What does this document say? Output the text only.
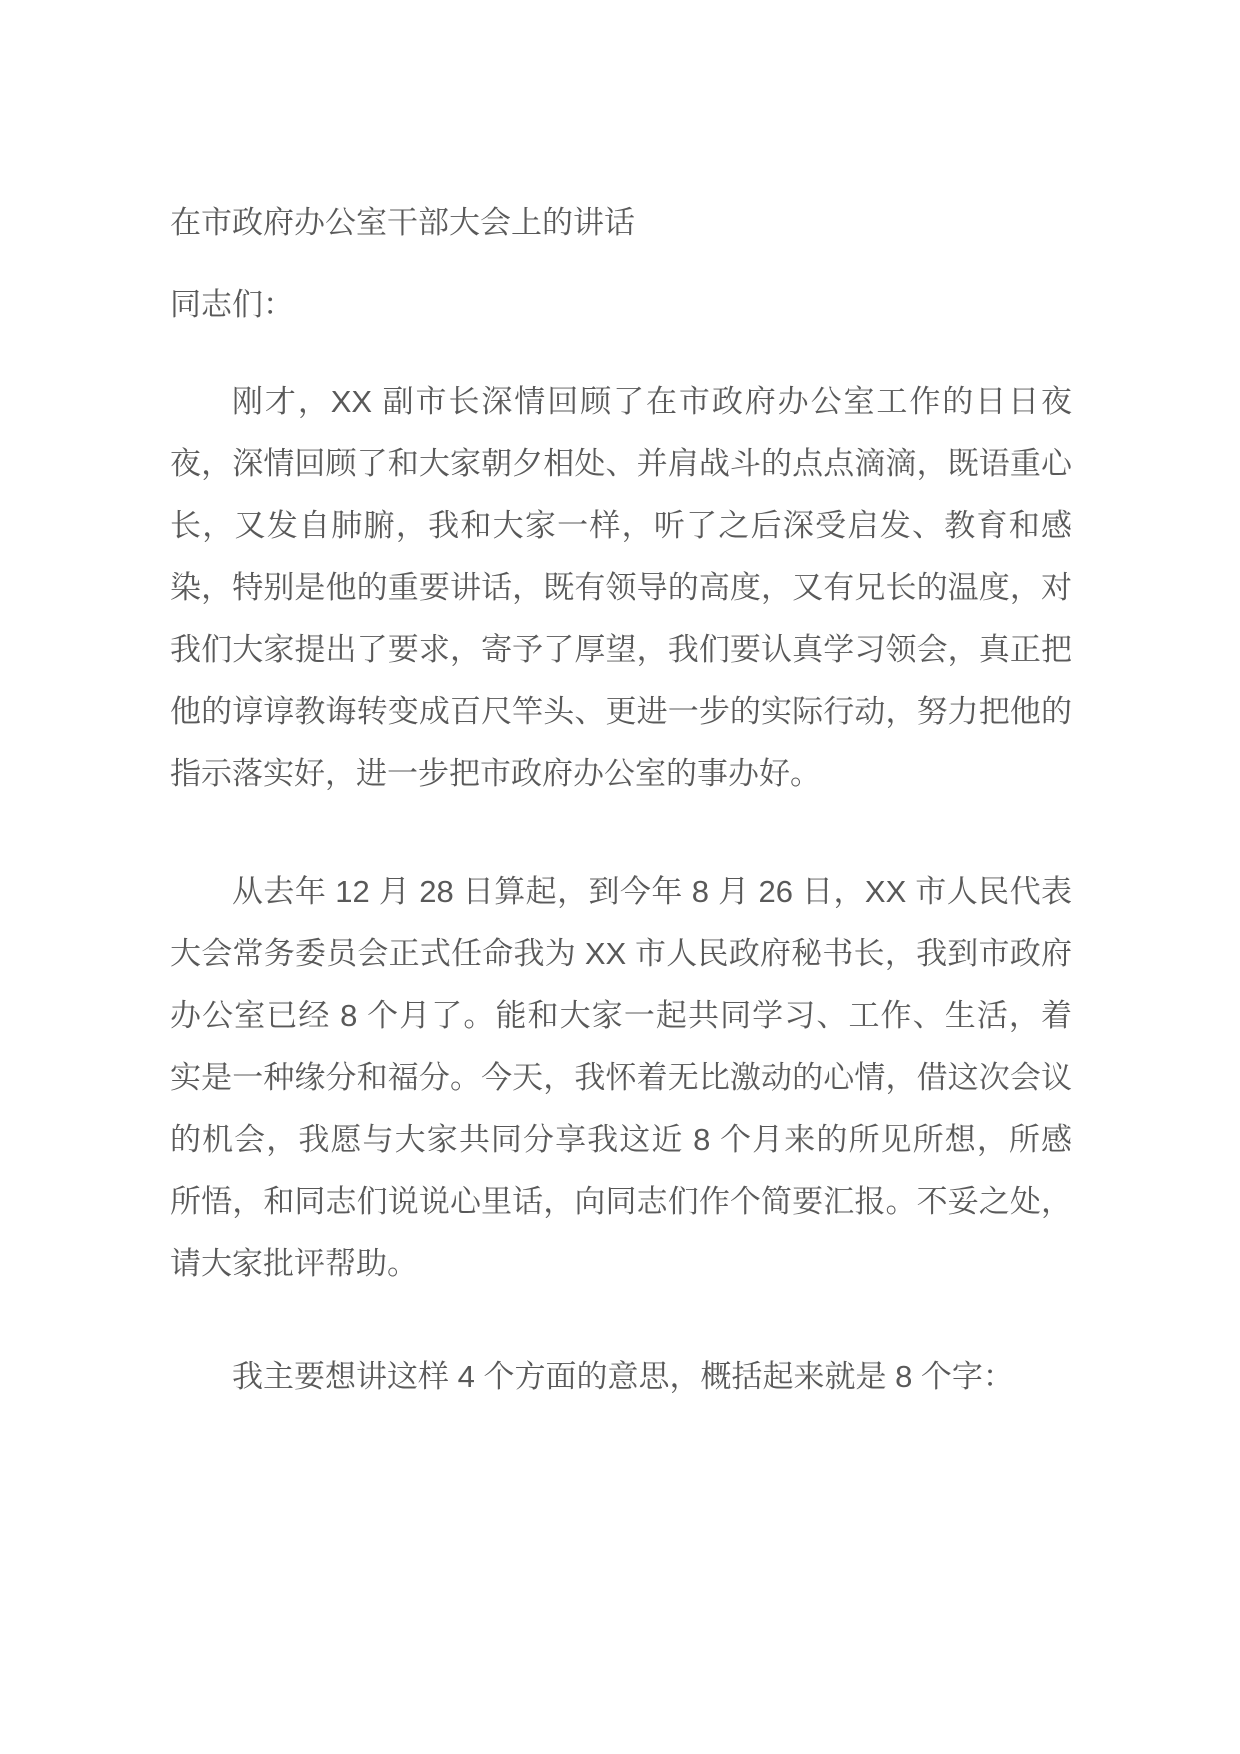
在市政府办公室干部大会上的讲话

同志们：

刚才，XX 副市长深情回顾了在市政府办公室工作的日日夜夜，深情回顾了和大家朝夕相处、并肩战斗的点点滴滴，既语重心长，又发自肺腑，我和大家一样，听了之后深受启发、教育和感染，特别是他的重要讲话，既有领导的高度，又有兄长的温度，对我们大家提出了要求，寄予了厚望，我们要认真学习领会，真正把他的谆谆教诲转变成百尺竿头、更进一步的实际行动，努力把他的指示落实好，进一步把市政府办公室的事办好。

从去年 12 月 28 日算起，到今年 8 月 26 日，XX 市人民代表大会常务委员会正式任命我为 XX 市人民政府秘书长，我到市政府办公室已经 8 个月了。能和大家一起共同学习、工作、生活，着实是一种缘分和福分。今天，我怀着无比激动的心情，借这次会议的机会，我愿与大家共同分享我这近 8 个月来的所见所想，所感所悟，和同志们说说心里话，向同志们作个简要汇报。不妥之处，请大家批评帮助。

我主要想讲这样 4 个方面的意思，概括起来就是 8 个字：
